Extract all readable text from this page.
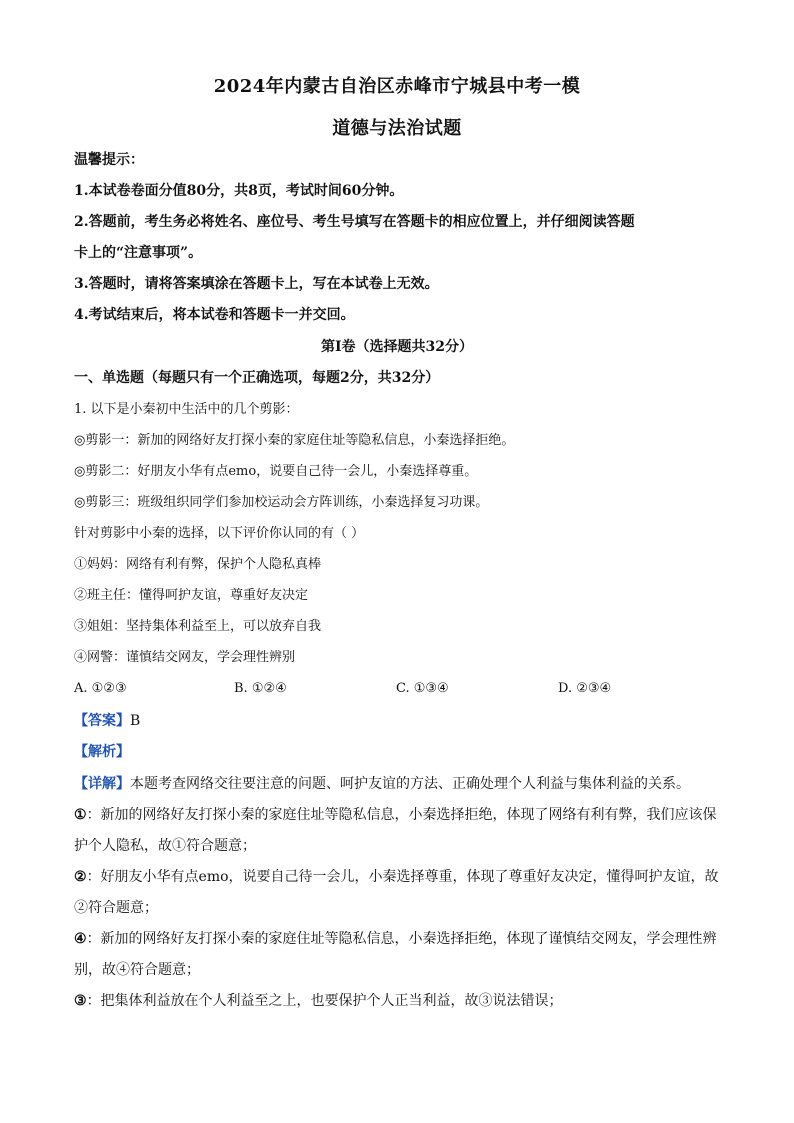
2024年内蒙古自治区赤峰市宁城县中考一模
道德与法治试题
温馨提示：
1.本试卷卷面分值80分，共8页，考试时间60分钟。
2.答题前，考生务必将姓名、座位号、考生号填写在答题卡的相应位置上，并仔细阅读答题
卡上的“注意事项”。
3.答题时，请将答案填涂在答题卡上，写在本试卷上无效。
4.考试结束后，将本试卷和答题卡一并交回。
第Ⅰ卷（选择题共32分）
一、单选题（每题只有一个正确选项，每题2分，共32分）
1. 以下是小秦初中生活中的几个剪影：
◎剪影一：新加的网络好友打探小秦的家庭住址等隐私信息，小秦选择拒绝。
◎剪影二：好朋友小华有点emo，说要自己待一会儿，小秦选择尊重。
◎剪影三：班级组织同学们参加校运动会方阵训练，小秦选择复习功课。
针对剪影中小秦的选择，以下评价你认同的有（ ）
①妈妈：网络有利有弊，保护个人隐私真棒
②班主任：懂得呵护友谊，尊重好友决定
③姐姐：坚持集体利益至上，可以放弃自我
④网警：谨慎结交网友，学会理性辨别
A. ①②③	B. ①②④	C. ①③④	D. ②③④
【答案】B
【解析】
【详解】本题考查网络交往要注意的问题、呵护友谊的方法、正确处理个人利益与集体利益的关系。
①：新加的网络好友打探小秦的家庭住址等隐私信息，小秦选择拒绝，体现了网络有利有弊，我们应该保
护个人隐私，故①符合题意；
②：好朋友小华有点emo，说要自己待一会儿，小秦选择尊重，体现了尊重好友决定，懂得呵护友谊，故
②符合题意；
④：新加的网络好友打探小秦的家庭住址等隐私信息，小秦选择拒绝，体现了谨慎结交网友，学会理性辨
别，故④符合题意；
③：把集体利益放在个人利益至之上，也要保护个人正当利益，故③说法错误；
